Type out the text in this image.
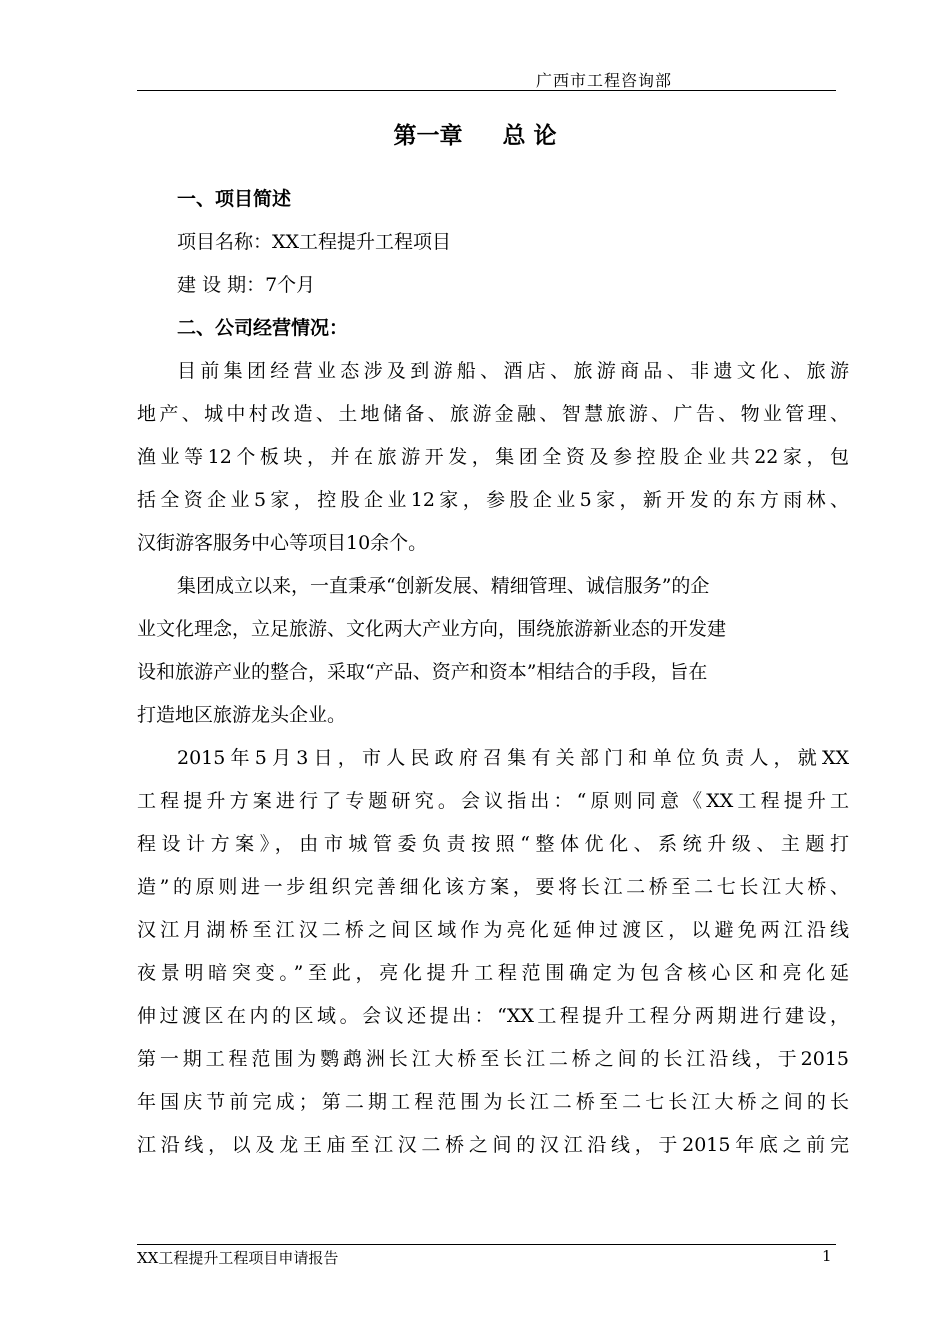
广西市工程咨询部
第一章 总 论
一、项目简述
项目名称：XX工程提升工程项目
建 设 期：7个月
二、公司经营情况：
目前集团经营业态涉及到游船、酒店、旅游商品、非遗文化、旅游
地产、城中村改造、土地储备、旅游金融、智慧旅游、广告、物业管理、
渔业等12个板块，并在旅游开发，集团全资及参控股企业共22家，包
括全资企业5家，控股企业12家，参股企业5家，新开发的东方雨林、
汉街游客服务中心等项目10余个。
集团成立以来，一直秉承“创新发展、精细管理、诚信服务”的企
业文化理念，立足旅游、文化两大产业方向，围绕旅游新业态的开发建
设和旅游产业的整合，采取“产品、资产和资本”相结合的手段，旨在
打造地区旅游龙头企业。
2015年5月3日，市人民政府召集有关部门和单位负责人，就XX
工程提升方案进行了专题研究。会议指出：“原则同意《XX工程提升工
程设计方案》，由市城管委负责按照“整体优化、系统升级、主题打
造”的原则进一步组织完善细化该方案，要将长江二桥至二七长江大桥、
汉江月湖桥至江汉二桥之间区域作为亮化延伸过渡区，以避免两江沿线
夜景明暗突变。”至此，亮化提升工程范围确定为包含核心区和亮化延
伸过渡区在内的区域。会议还提出：“XX工程提升工程分两期进行建设，
第一期工程范围为鹦鹉洲长江大桥至长江二桥之间的长江沿线，于2015
年国庆节前完成；第二期工程范围为长江二桥至二七长江大桥之间的长
江沿线，以及龙王庙至江汉二桥之间的汉江沿线，于2015年底之前完
XX工程提升工程项目申请报告	1
